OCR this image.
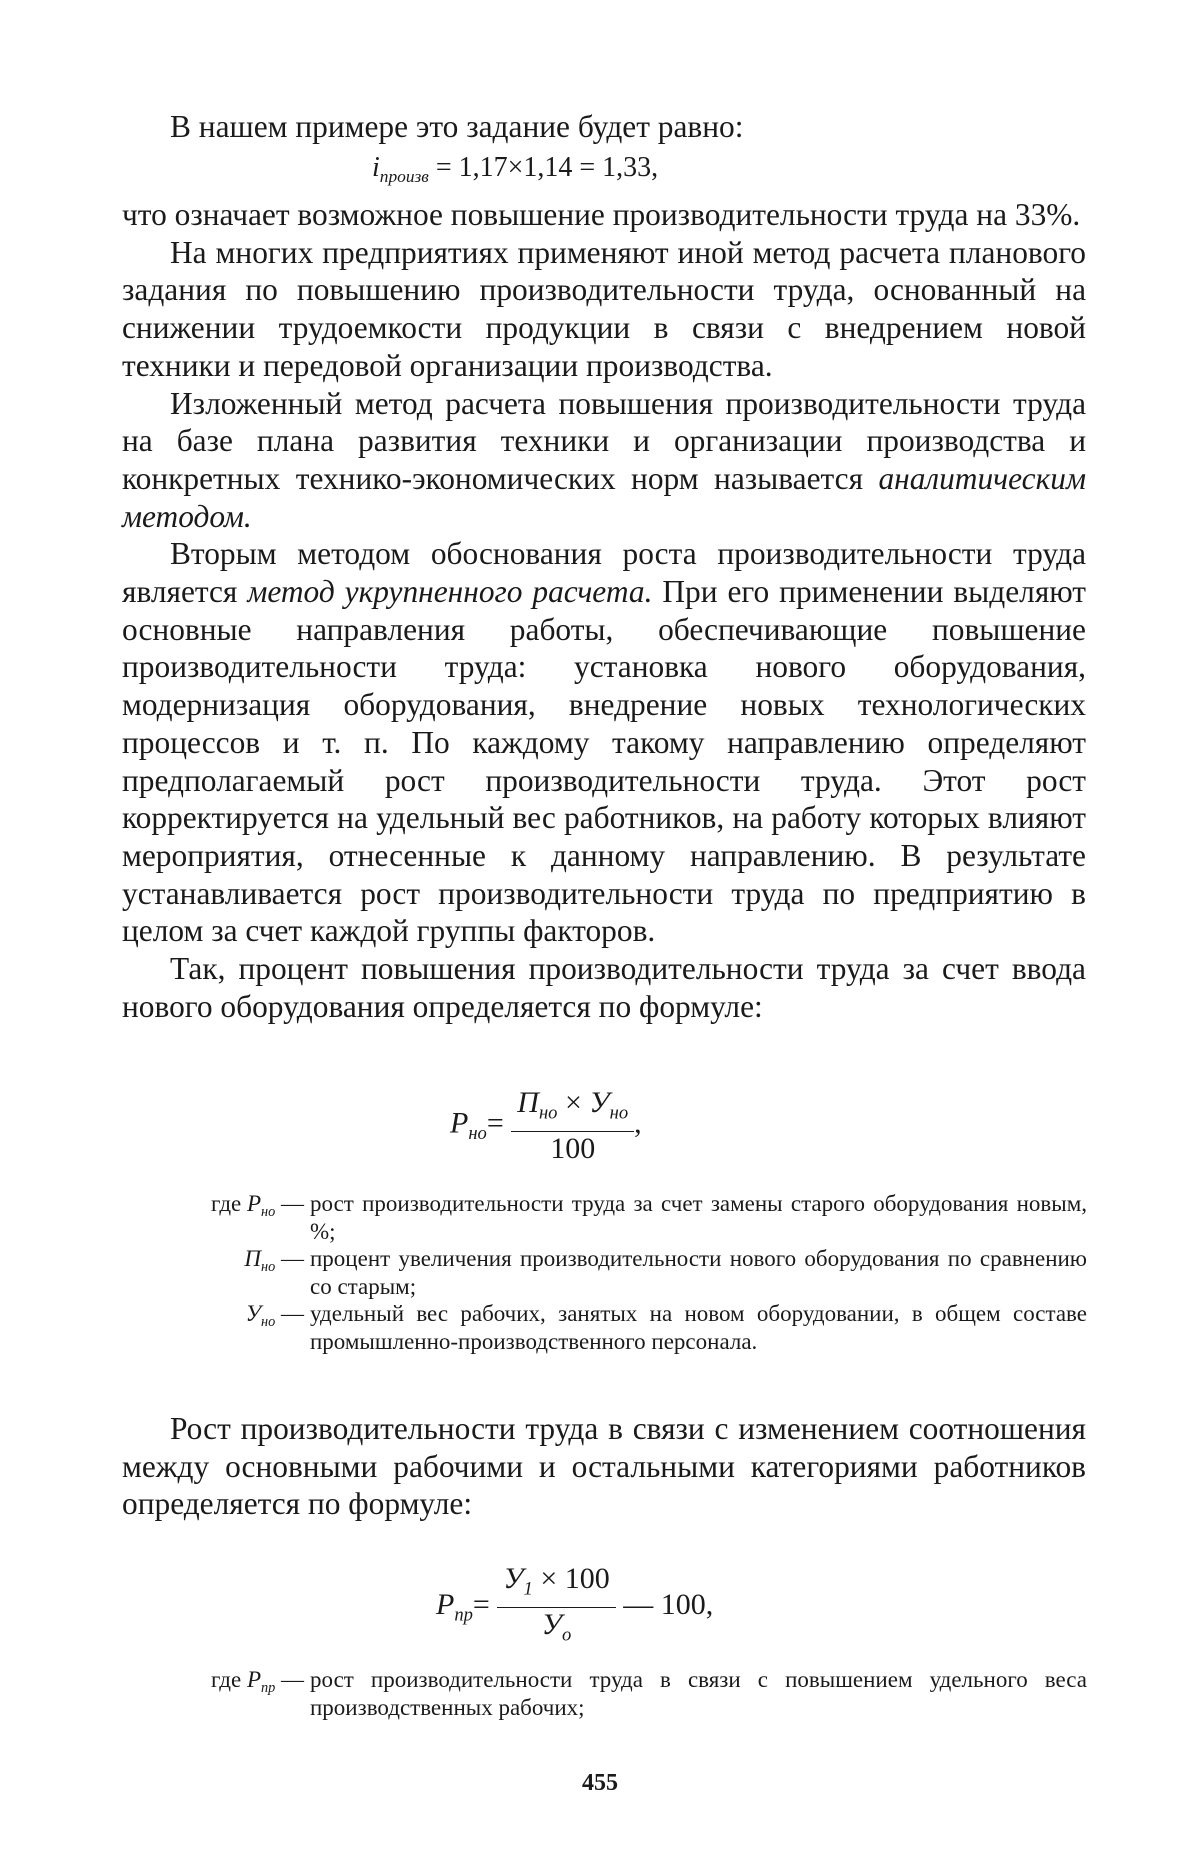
В нашем примере это задание будет равно:

$i_{произв} = 1,17\times 1,14 = 1,33$,

что означает возможное повышение производительности труда на 33%.

На многих предприятиях применяют иной метод расчета планового задания по повышению производительности труда, основанный на снижении трудоемкости продукции в связи с внедрением новой техники и передовой организации производства.

Изложенный метод расчета повышения производительности труда на базе плана развития техники и организации производства и конкретных технико-экономических норм называется аналитическим методом.

Вторым методом обоснования роста производительности труда является метод укрупненного расчета. При его применении выделяют основные направления работы, обеспечивающие повышение производительности труда: установка нового оборудования, модернизация оборудования, внедрение новых технологических процессов и т. п. По каждому такому направлению определяют предполагаемый рост производительности труда. Этот рост корректируется на удельный вес работников, на работу которых влияют мероприятия, отнесенные к данному направлению. В результате устанавливается рост производительности труда по предприятию в целом за счет каждой группы факторов.

Так, процент повышения производительности труда за счет ввода нового оборудования определяется по формуле:

$P_{но}= \frac{П_{но} \times У_{но}}{100}$ ,

где $P_{но}$ — рост производительности труда за счет замены старого оборудования новым, %;

$П_{но}$ — процент увеличения производительности нового оборудования по сравнению со старым;

$У_{но}$ — удельный вес рабочих, занятых на новом оборудовании, в общем составе промышленно-производственного персонала.

Рост производительности труда в связи с изменением соотношения между основными рабочими и остальными категориями работников определяется по формуле:

$P_{пр}= \frac{У_1 \times 100}{У_о}$ — 100,

где $P_{пр}$ — рост производительности труда в связи с повышением удельного веса производственных рабочих;

455
